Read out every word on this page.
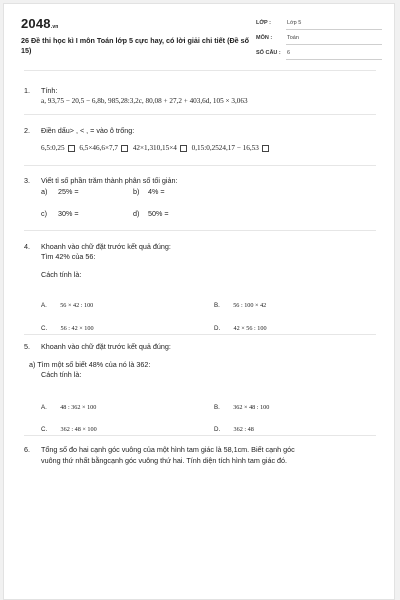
2048.vn
26 Đề thi học kì I môn Toán lớp 5 cực hay, có lời giải chi tiết (Đề số 15)
LỚP :	Lớp 5
MÔN :	Toán
SỐ CÂU : 6
1. Tính:
a, 93,75 − 20,5 − 6,8b, 985,28:3,2c, 80,08 + 27,2 + 403,6d, 105 × 3,063
2. Điền dấu> , < , = vào ô trống:
6,5:0,25 6,5×46,6×7,7 42×1,310,15×4 0,15:0,2524,17 − 16,53
3. Viết tỉ số phần trăm thành phân số tối giản:
a) 25% =	b) 4% =
c) 30% =	d) 50% =
4. Khoanh vào chữ đặt trước kết quả đúng:
Tìm 42% của 56:
Cách tính là:
A. 56 × 42 : 100	B. 56 : 100 × 42
C. 56 : 42 × 100	D. 42 × 56 : 100
5. Khoanh vào chữ đặt trước kết quả đúng:
a) Tìm một số biết 48% của nó là 362:
Cách tính là:
A. 48 : 362 × 100	B. 362 × 48 : 100
C. 362 : 48 × 100	D. 362 : 48
6. Tổng số đo hai cạnh góc vuông của một hình tam giác là 58,1cm. Biết cạnh góc
vuông thứ nhất bằngcạnh góc vuông thứ hai. Tính diện tích hình tam giác đó.
